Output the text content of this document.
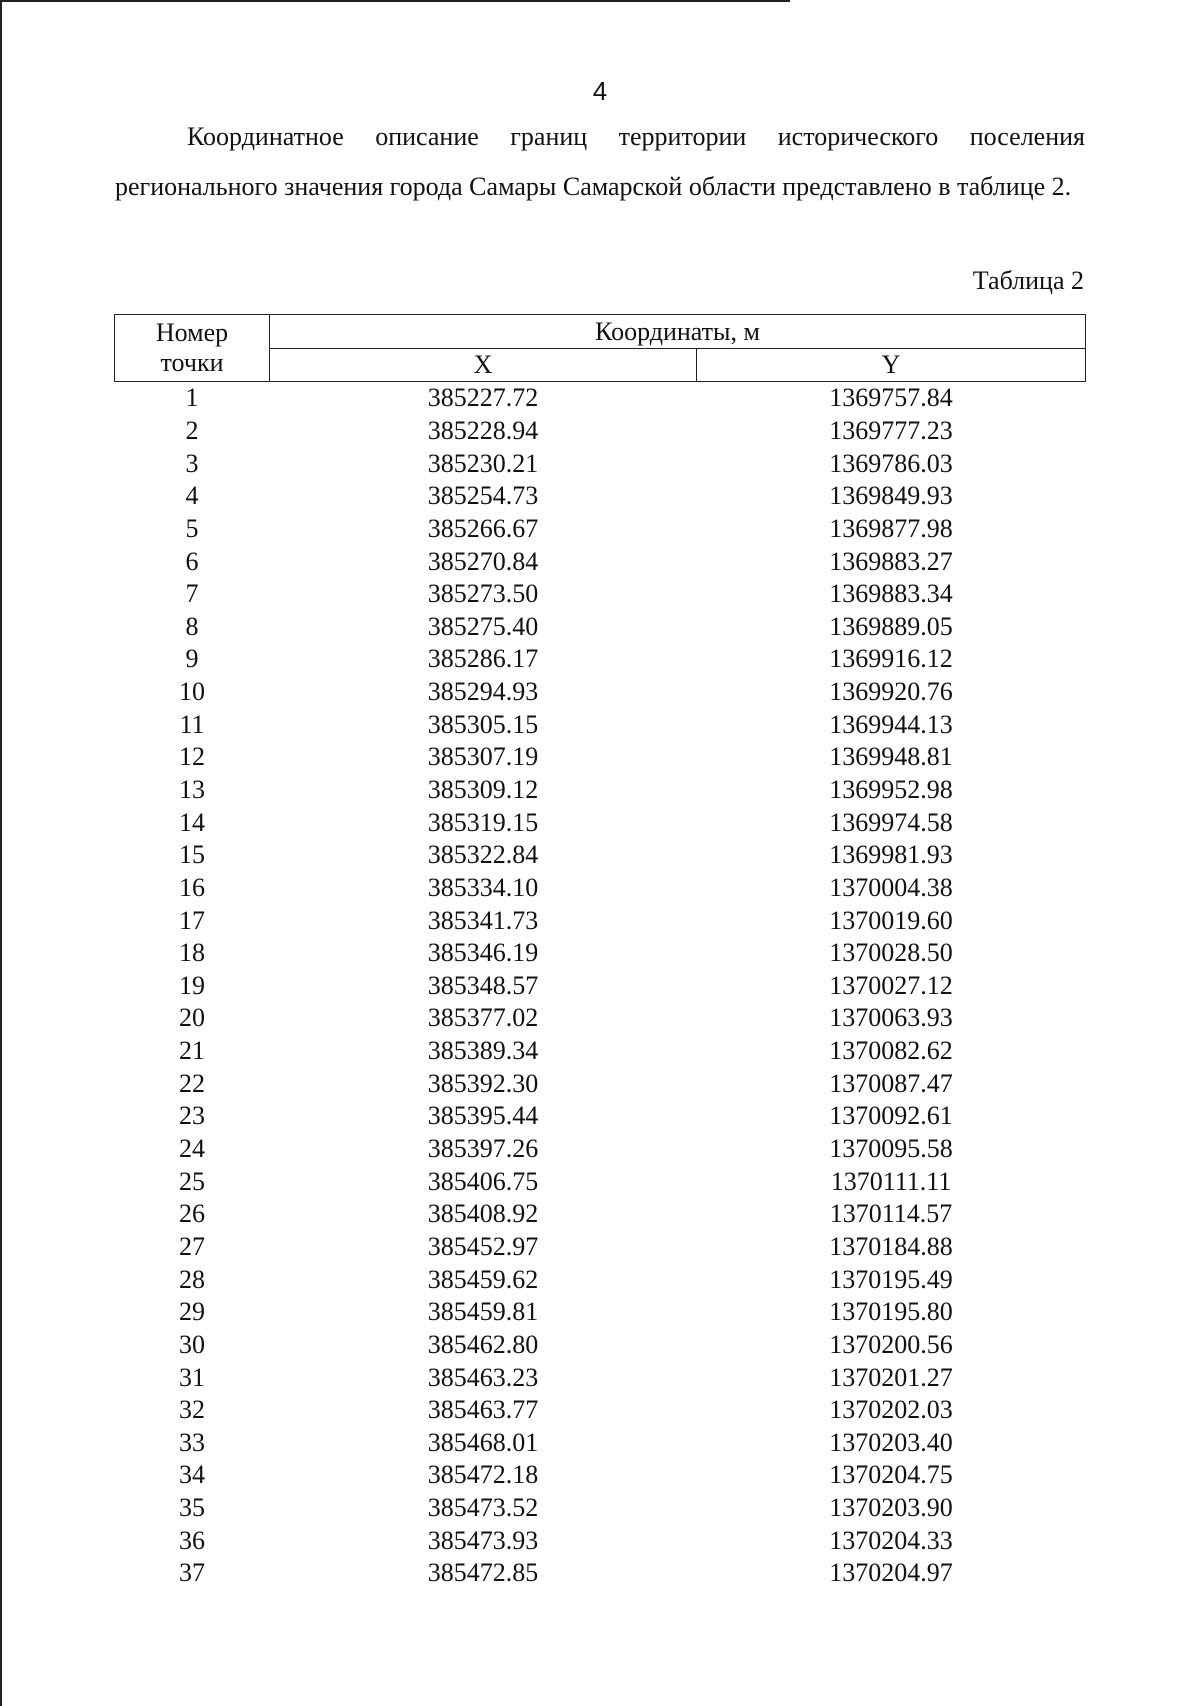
4

Координатное описание границ территории исторического поселения регионального значения города Самары Самарской области представлено в таблице 2.

Таблица 2
Номер
точки	Координаты, м	
	X	Y
1	385227.72	1369757.84
2	385228.94	1369777.23
3	385230.21	1369786.03
4	385254.73	1369849.93
5	385266.67	1369877.98
6	385270.84	1369883.27
7	385273.50	1369883.34
8	385275.40	1369889.05
9	385286.17	1369916.12
10	385294.93	1369920.76
11	385305.15	1369944.13
12	385307.19	1369948.81
13	385309.12	1369952.98
14	385319.15	1369974.58
15	385322.84	1369981.93
16	385334.10	1370004.38
17	385341.73	1370019.60
18	385346.19	1370028.50
19	385348.57	1370027.12
20	385377.02	1370063.93
21	385389.34	1370082.62
22	385392.30	1370087.47
23	385395.44	1370092.61
24	385397.26	1370095.58
25	385406.75	1370111.11
26	385408.92	1370114.57
27	385452.97	1370184.88
28	385459.62	1370195.49
29	385459.81	1370195.80
30	385462.80	1370200.56
31	385463.23	1370201.27
32	385463.77	1370202.03
33	385468.01	1370203.40
34	385472.18	1370204.75
35	385473.52	1370203.90
36	385473.93	1370204.33
37	385472.85	1370204.97
